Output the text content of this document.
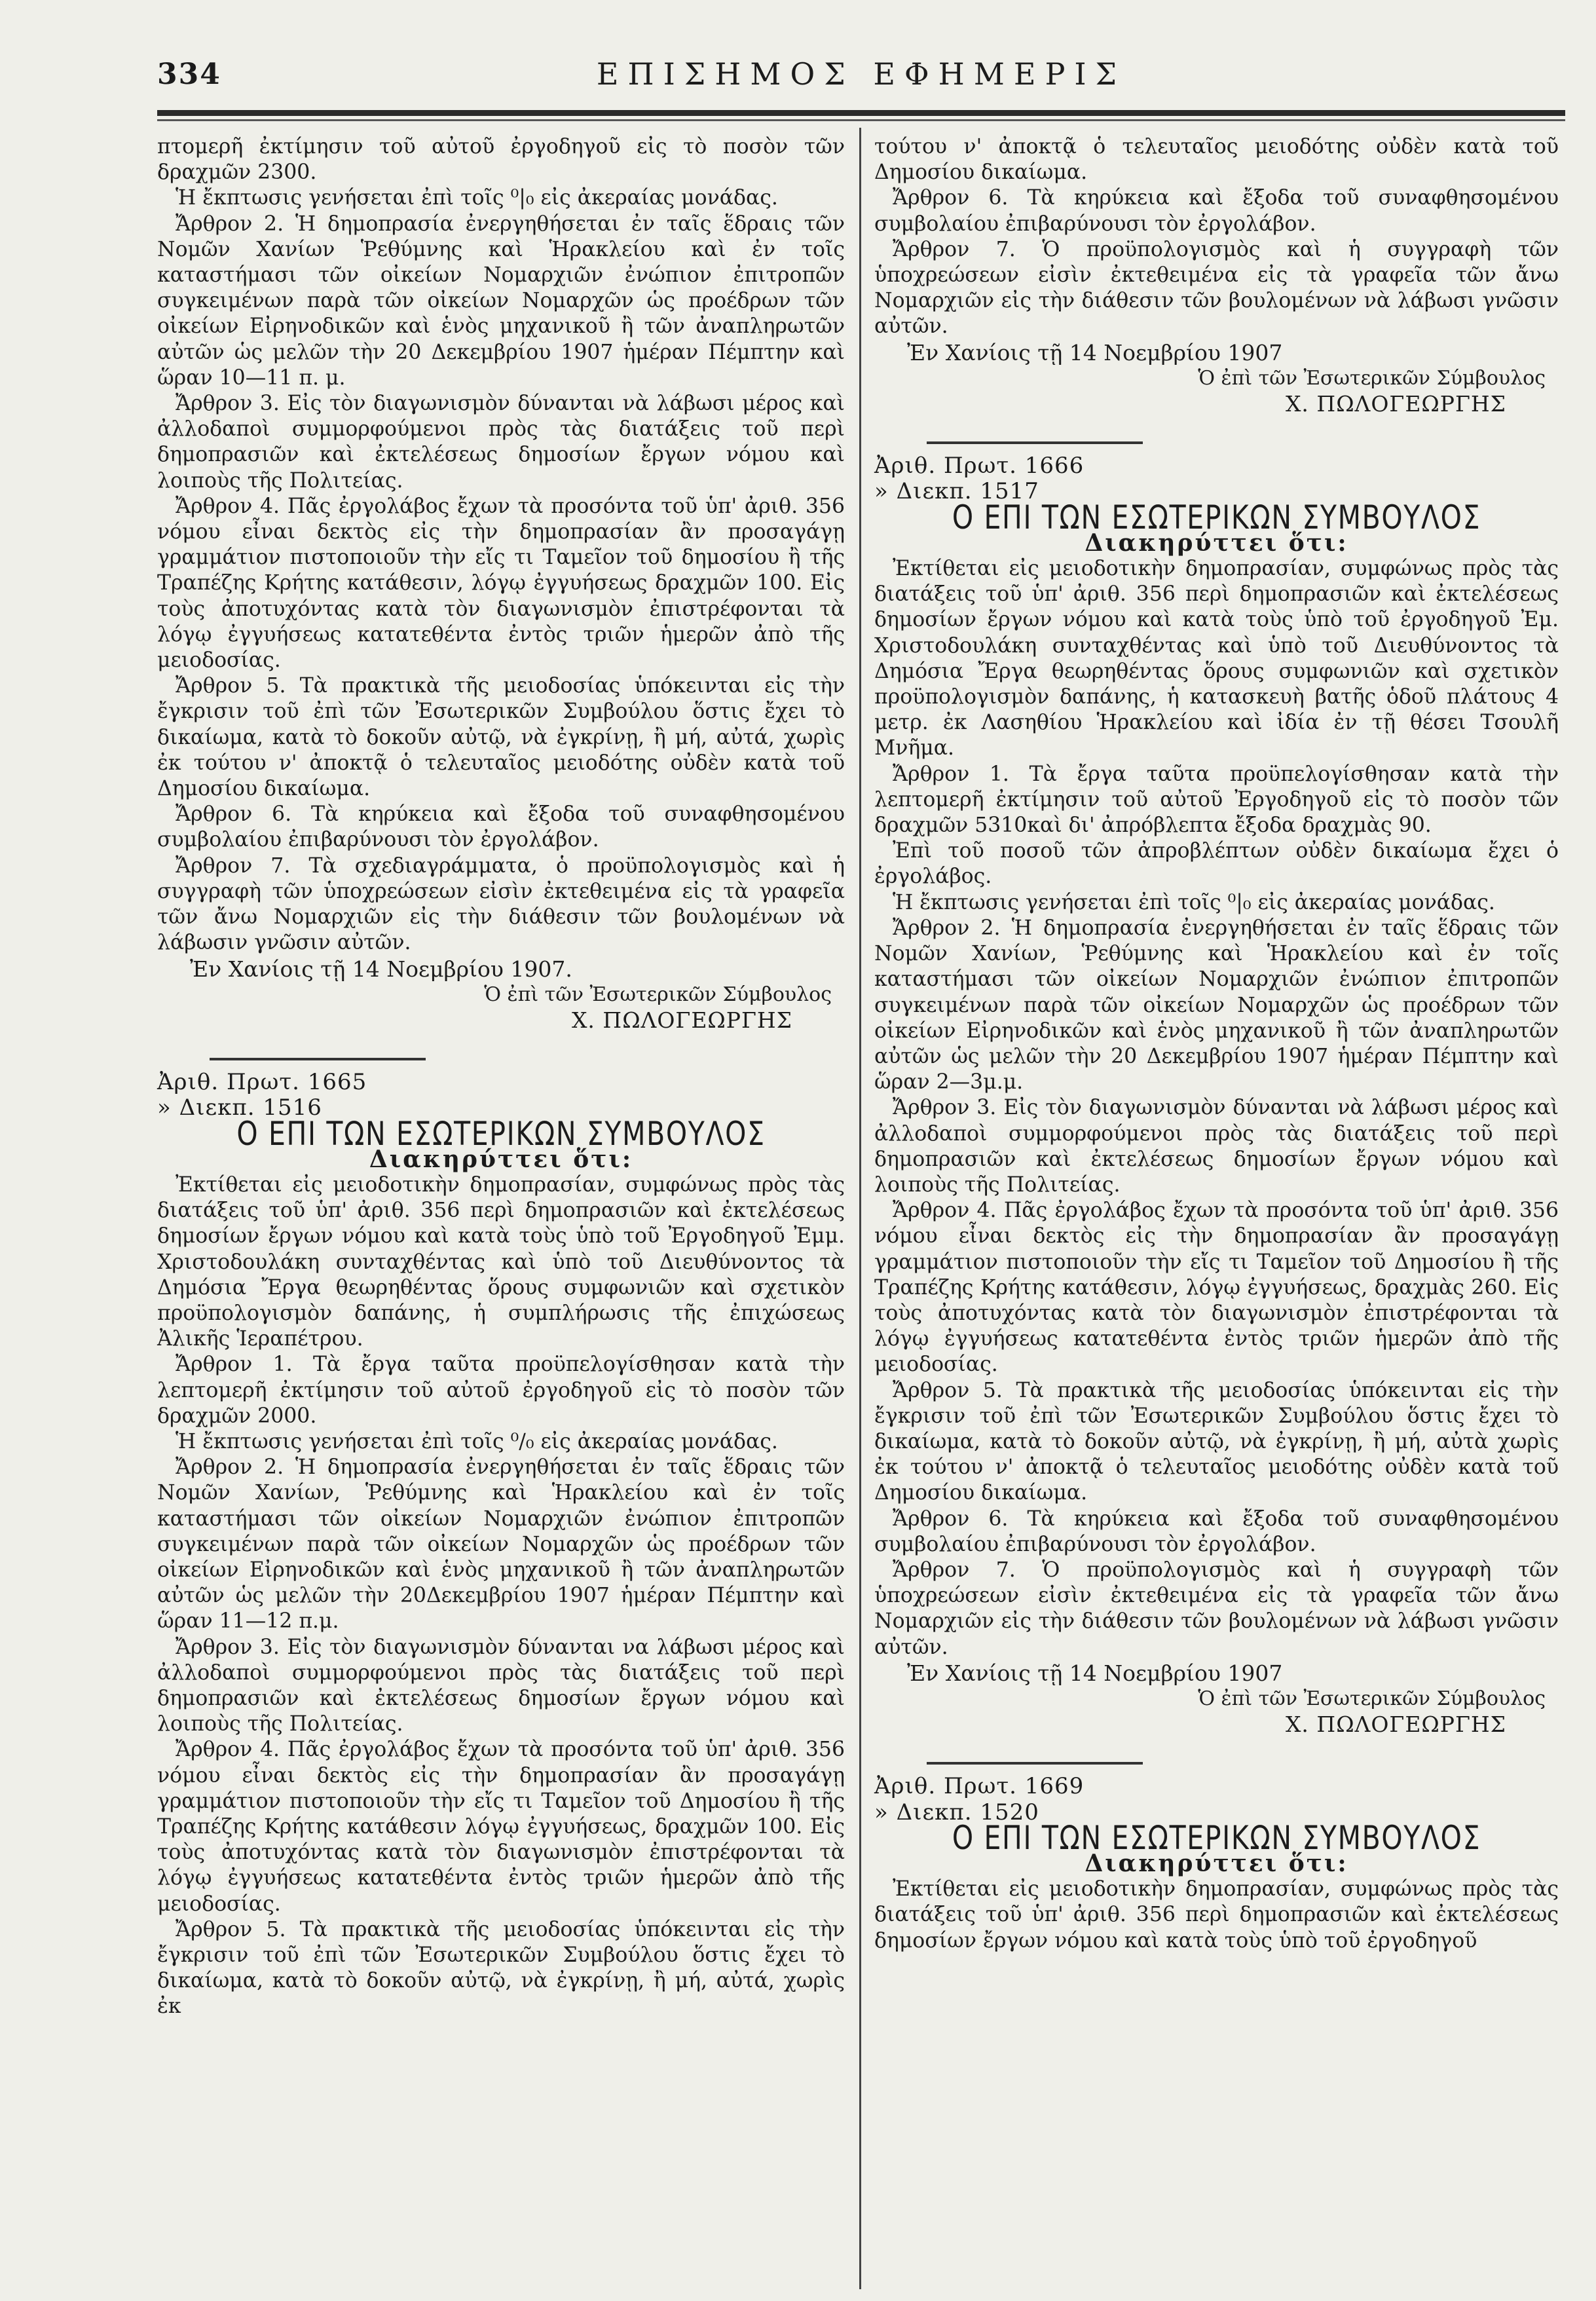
334	ΕΠΙΣΗΜΟΣ ΕΦΗΜΕΡΙΣ

πτομερῆ ἐκτίμησιν τοῦ αὐτοῦ ἐργοδηγοῦ εἰς τὸ ποσὸν τῶν δραχμῶν 2300.

Ἡ ἔκπτωσις γενήσεται ἐπὶ τοῖς ⁰|₀ εἰς ἀκεραίας μονάδας.

Ἄρθρον 2. Ἡ δημοπρασία ἐνεργηθήσεται ἐν ταῖς ἕδραις τῶν Νομῶν Χανίων Ῥεθύμνης καὶ Ἡρακλείου καὶ ἐν τοῖς καταστήμασι τῶν οἰκείων Νομαρχιῶν ἐνώπιον ἐπιτροπῶν συγκειμένων παρὰ τῶν οἰκείων Νομαρχῶν ὡς προέδρων τῶν οἰκείων Εἰρηνοδικῶν καὶ ἑνὸς μηχανικοῦ ἢ τῶν ἀναπληρωτῶν αὐτῶν ὡς μελῶν τὴν 20 Δεκεμβρίου 1907 ἡμέραν Πέμπτην καὶ ὥραν 10—11 π. μ.

Ἄρθρον 3. Εἰς τὸν διαγωνισμὸν δύνανται νὰ λάβωσι μέρος καὶ ἀλλοδαποὶ συμμορφούμενοι πρὸς τὰς διατάξεις τοῦ περὶ δημοπρασιῶν καὶ ἐκτελέσεως δημοσίων ἔργων νόμου καὶ λοιποὺς τῆς Πολιτείας.

Ἄρθρον 4. Πᾶς ἐργολάβος ἔχων τὰ προσόντα τοῦ ὑπ' ἀριθ. 356 νόμου εἶναι δεκτὸς εἰς τὴν δημοπρασίαν ἂν προσαγάγῃ γραμμάτιον πιστοποιοῦν τὴν εἴς τι Ταμεῖον τοῦ δημοσίου ἢ τῆς Τραπέζης Κρήτης κατάθεσιν, λόγῳ ἐγγυήσεως δραχμῶν 100. Εἰς τοὺς ἀποτυχόντας κατὰ τὸν διαγωνισμὸν ἐπιστρέφονται τὰ λόγῳ ἐγγυήσεως κατατεθέντα ἐντὸς τριῶν ἡμερῶν ἀπὸ τῆς μειοδοσίας.

Ἄρθρον 5. Τὰ πρακτικὰ τῆς μειοδοσίας ὑπόκεινται εἰς τὴν ἔγκρισιν τοῦ ἐπὶ τῶν Ἐσωτερικῶν Συμβούλου ὅστις ἔχει τὸ δικαίωμα, κατὰ τὸ δοκοῦν αὐτῷ, νὰ ἐγκρίνῃ, ἢ μή, αὐτά, χωρὶς ἐκ τούτου ν' ἀποκτᾷ ὁ τελευταῖος μειοδότης οὐδὲν κατὰ τοῦ Δημοσίου δικαίωμα.

Ἄρθρον 6. Τὰ κηρύκεια καὶ ἔξοδα τοῦ συναφθησομένου συμβολαίου ἐπιβαρύνουσι τὸν ἐργολάβον.

Ἄρθρον 7. Τὰ σχεδιαγράμματα, ὁ προϋπολογισμὸς καὶ ἡ συγγραφὴ τῶν ὑποχρεώσεων εἰσὶν ἐκτεθειμένα εἰς τὰ γραφεῖα τῶν ἄνω Νομαρχιῶν εἰς τὴν διάθεσιν τῶν βουλομένων νὰ λάβωσιν γνῶσιν αὐτῶν.

Ἐν Χανίοις τῇ 14 Νοεμβρίου 1907.

Ὁ ἐπὶ τῶν Ἐσωτερικῶν Σύμβουλος

Χ. ΠΩΛΟΓΕΩΡΓΗΣ

Ἀριθ. Πρωτ. 1665

» Διεκπ. 1516

Ο ΕΠΙ ΤΩΝ ΕΣΩΤΕΡΙΚΩΝ ΣΥΜΒΟΥΛΟΣ

Διακηρύττει ὅτι:

Ἐκτίθεται εἰς μειοδοτικὴν δημοπρασίαν, συμφώνως πρὸς τὰς διατάξεις τοῦ ὑπ' ἀριθ. 356 περὶ δημοπρασιῶν καὶ ἐκτελέσεως δημοσίων ἔργων νόμου καὶ κατὰ τοὺς ὑπὸ τοῦ Ἐργοδηγοῦ Ἐμμ. Χριστοδουλάκη συνταχθέντας καὶ ὑπὸ τοῦ Διευθύνοντος τὰ Δημόσια Ἔργα θεωρηθέντας ὅρους συμφωνιῶν καὶ σχετικὸν προϋπολογισμὸν δαπάνης, ἡ συμπλήρωσις τῆς ἐπιχώσεως Ἀλικῆς Ἱεραπέτρου.

Ἄρθρον 1. Τὰ ἔργα ταῦτα προϋπελογίσθησαν κατὰ τὴν λεπτομερῆ ἐκτίμησιν τοῦ αὐτοῦ ἐργοδηγοῦ εἰς τὸ ποσὸν τῶν δραχμῶν 2000.

Ἡ ἔκπτωσις γενήσεται ἐπὶ τοῖς ⁰/₀ εἰς ἀκεραίας μονάδας.

Ἄρθρον 2. Ἡ δημοπρασία ἐνεργηθήσεται ἐν ταῖς ἕδραις τῶν Νομῶν Χανίων, Ῥεθύμνης καὶ Ἡρακλείου καὶ ἐν τοῖς καταστήμασι τῶν οἰκείων Νομαρχιῶν ἐνώπιον ἐπιτροπῶν συγκειμένων παρὰ τῶν οἰκείων Νομαρχῶν ὡς προέδρων τῶν οἰκείων Εἰρηνοδικῶν καὶ ἑνὸς μηχανικοῦ ἢ τῶν ἀναπληρωτῶν αὐτῶν ὡς μελῶν τὴν 20Δεκεμβρίου 1907 ἡμέραν Πέμπτην καὶ ὥραν 11—12 π.μ.

Ἄρθρον 3. Εἰς τὸν διαγωνισμὸν δύνανται να λάβωσι μέρος καὶ ἀλλοδαποὶ συμμορφούμενοι πρὸς τὰς διατάξεις τοῦ περὶ δημοπρασιῶν καὶ ἐκτελέσεως δημοσίων ἔργων νόμου καὶ λοιποὺς τῆς Πολιτείας.

Ἄρθρον 4. Πᾶς ἐργολάβος ἔχων τὰ προσόντα τοῦ ὑπ' ἀριθ. 356 νόμου εἶναι δεκτὸς εἰς τὴν δημοπρασίαν ἂν προσαγάγῃ γραμμάτιον πιστοποιοῦν τὴν εἴς τι Ταμεῖον τοῦ Δημοσίου ἢ τῆς Τραπέζης Κρήτης κατάθεσιν λόγῳ ἐγγυήσεως, δραχμῶν 100. Εἰς τοὺς ἀποτυχόντας κατὰ τὸν διαγωνισμὸν ἐπιστρέφονται τὰ λόγῳ ἐγγυήσεως κατατεθέντα ἐντὸς τριῶν ἡμερῶν ἀπὸ τῆς μειοδοσίας.

Ἄρθρον 5. Τὰ πρακτικὰ τῆς μειοδοσίας ὑπόκεινται εἰς τὴν ἔγκρισιν τοῦ ἐπὶ τῶν Ἐσωτερικῶν Συμβούλου ὅστις ἔχει τὸ δικαίωμα, κατὰ τὸ δοκοῦν αὐτῷ, νὰ ἐγκρίνῃ, ἢ μή, αὐτά, χωρὶς ἐκ

τούτου ν' ἀποκτᾷ ὁ τελευταῖος μειοδότης οὐδὲν κατὰ τοῦ Δημοσίου δικαίωμα.

Ἄρθρον 6. Τὰ κηρύκεια καὶ ἔξοδα τοῦ συναφθησομένου συμβολαίου ἐπιβαρύνουσι τὸν ἐργολάβον.

Ἄρθρον 7. Ὁ προϋπολογισμὸς καὶ ἡ συγγραφὴ τῶν ὑποχρεώσεων εἰσὶν ἐκτεθειμένα εἰς τὰ γραφεῖα τῶν ἄνω Νομαρχιῶν εἰς τὴν διάθεσιν τῶν βουλομένων νὰ λάβωσι γνῶσιν αὐτῶν.

Ἐν Χανίοις τῇ 14 Νοεμβρίου 1907

Ὁ ἐπὶ τῶν Ἐσωτερικῶν Σύμβουλος

Χ. ΠΩΛΟΓΕΩΡΓΗΣ

Ἀριθ. Πρωτ. 1666

» Διεκπ. 1517

Ο ΕΠΙ ΤΩΝ ΕΣΩΤΕΡΙΚΩΝ ΣΥΜΒΟΥΛΟΣ

Διακηρύττει ὅτι:

Ἐκτίθεται εἰς μειοδοτικὴν δημοπρασίαν, συμφώνως πρὸς τὰς διατάξεις τοῦ ὑπ' ἀριθ. 356 περὶ δημοπρασιῶν καὶ ἐκτελέσεως δημοσίων ἔργων νόμου καὶ κατὰ τοὺς ὑπὸ τοῦ ἐργοδηγοῦ Ἐμ. Χριστοδουλάκη συνταχθέντας καὶ ὑπὸ τοῦ Διευθύνοντος τὰ Δημόσια Ἔργα θεωρηθέντας ὅρους συμφωνιῶν καὶ σχετικὸν προϋπολογισμὸν δαπάνης, ἡ κατασκευὴ βατῆς ὁδοῦ πλάτους 4 μετρ. ἐκ Λασηθίου Ἡρακλείου καὶ ἰδία ἐν τῇ θέσει Τσουλῆ Μνῆμα.

Ἄρθρον 1. Τὰ ἔργα ταῦτα προϋπελογίσθησαν κατὰ τὴν λεπτομερῆ ἐκτίμησιν τοῦ αὐτοῦ Ἐργοδηγοῦ εἰς τὸ ποσὸν τῶν δραχμῶν 5310καὶ δι' ἀπρόβλεπτα ἔξοδα δραχμὰς 90.

Ἐπὶ τοῦ ποσοῦ τῶν ἀπροβλέπτων οὐδὲν δικαίωμα ἔχει ὁ ἐργολάβος.

Ἡ ἔκπτωσις γενήσεται ἐπὶ τοῖς ⁰|₀ εἰς ἀκεραίας μονάδας.

Ἄρθρον 2. Ἡ δημοπρασία ἐνεργηθήσεται ἐν ταῖς ἕδραις τῶν Νομῶν Χανίων, Ῥεθύμνης καὶ Ἡρακλείου καὶ ἐν τοῖς καταστήμασι τῶν οἰκείων Νομαρχιῶν ἐνώπιον ἐπιτροπῶν συγκειμένων παρὰ τῶν οἰκείων Νομαρχῶν ὡς προέδρων τῶν οἰκείων Εἰρηνοδικῶν καὶ ἑνὸς μηχανικοῦ ἢ τῶν ἀναπληρωτῶν αὐτῶν ὡς μελῶν τὴν 20 Δεκεμβρίου 1907 ἡμέραν Πέμπτην καὶ ὥραν 2—3μ.μ.

Ἄρθρον 3. Εἰς τὸν διαγωνισμὸν δύνανται νὰ λάβωσι μέρος καὶ ἀλλοδαποὶ συμμορφούμενοι πρὸς τὰς διατάξεις τοῦ περὶ δημοπρασιῶν καὶ ἐκτελέσεως δημοσίων ἔργων νόμου καὶ λοιποὺς τῆς Πολιτείας.

Ἄρθρον 4. Πᾶς ἐργολάβος ἔχων τὰ προσόντα τοῦ ὑπ' ἀριθ. 356 νόμου εἶναι δεκτὸς εἰς τὴν δημοπρασίαν ἂν προσαγάγῃ γραμμάτιον πιστοποιοῦν τὴν εἴς τι Ταμεῖον τοῦ Δημοσίου ἢ τῆς Τραπέζης Κρήτης κατάθεσιν, λόγῳ ἐγγυήσεως, δραχμὰς 260. Εἰς τοὺς ἀποτυχόντας κατὰ τὸν διαγωνισμὸν ἐπιστρέφονται τὰ λόγῳ ἐγγυήσεως κατατεθέντα ἐντὸς τριῶν ἡμερῶν ἀπὸ τῆς μειοδοσίας.

Ἄρθρον 5. Τὰ πρακτικὰ τῆς μειοδοσίας ὑπόκεινται εἰς τὴν ἔγκρισιν τοῦ ἐπὶ τῶν Ἐσωτερικῶν Συμβούλου ὅστις ἔχει τὸ δικαίωμα, κατὰ τὸ δοκοῦν αὐτῷ, νὰ ἐγκρίνῃ, ἢ μή, αὐτὰ χωρὶς ἐκ τούτου ν' ἀποκτᾷ ὁ τελευταῖος μειοδότης οὐδὲν κατὰ τοῦ Δημοσίου δικαίωμα.

Ἄρθρον 6. Τὰ κηρύκεια καὶ ἔξοδα τοῦ συναφθησομένου συμβολαίου ἐπιβαρύνουσι τὸν ἐργολάβον.

Ἄρθρον 7. Ὁ προϋπολογισμὸς καὶ ἡ συγγραφὴ τῶν ὑποχρεώσεων εἰσὶν ἐκτεθειμένα εἰς τὰ γραφεῖα τῶν ἄνω Νομαρχιῶν εἰς τὴν διάθεσιν τῶν βουλομένων νὰ λάβωσι γνῶσιν αὐτῶν.

Ἐν Χανίοις τῇ 14 Νοεμβρίου 1907

Ὁ ἐπὶ τῶν Ἐσωτερικῶν Σύμβουλος

Χ. ΠΩΛΟΓΕΩΡΓΗΣ

Ἀριθ. Πρωτ. 1669

» Διεκπ. 1520

Ο ΕΠΙ ΤΩΝ ΕΣΩΤΕΡΙΚΩΝ ΣΥΜΒΟΥΛΟΣ

Διακηρύττει ὅτι:

Ἐκτίθεται εἰς μειοδοτικὴν δημοπρασίαν, συμφώνως πρὸς τὰς διατάξεις τοῦ ὑπ' ἀριθ. 356 περὶ δημοπρασιῶν καὶ ἐκτελέσεως δημοσίων ἔργων νόμου καὶ κατὰ τοὺς ὑπὸ τοῦ ἐργοδηγοῦ
